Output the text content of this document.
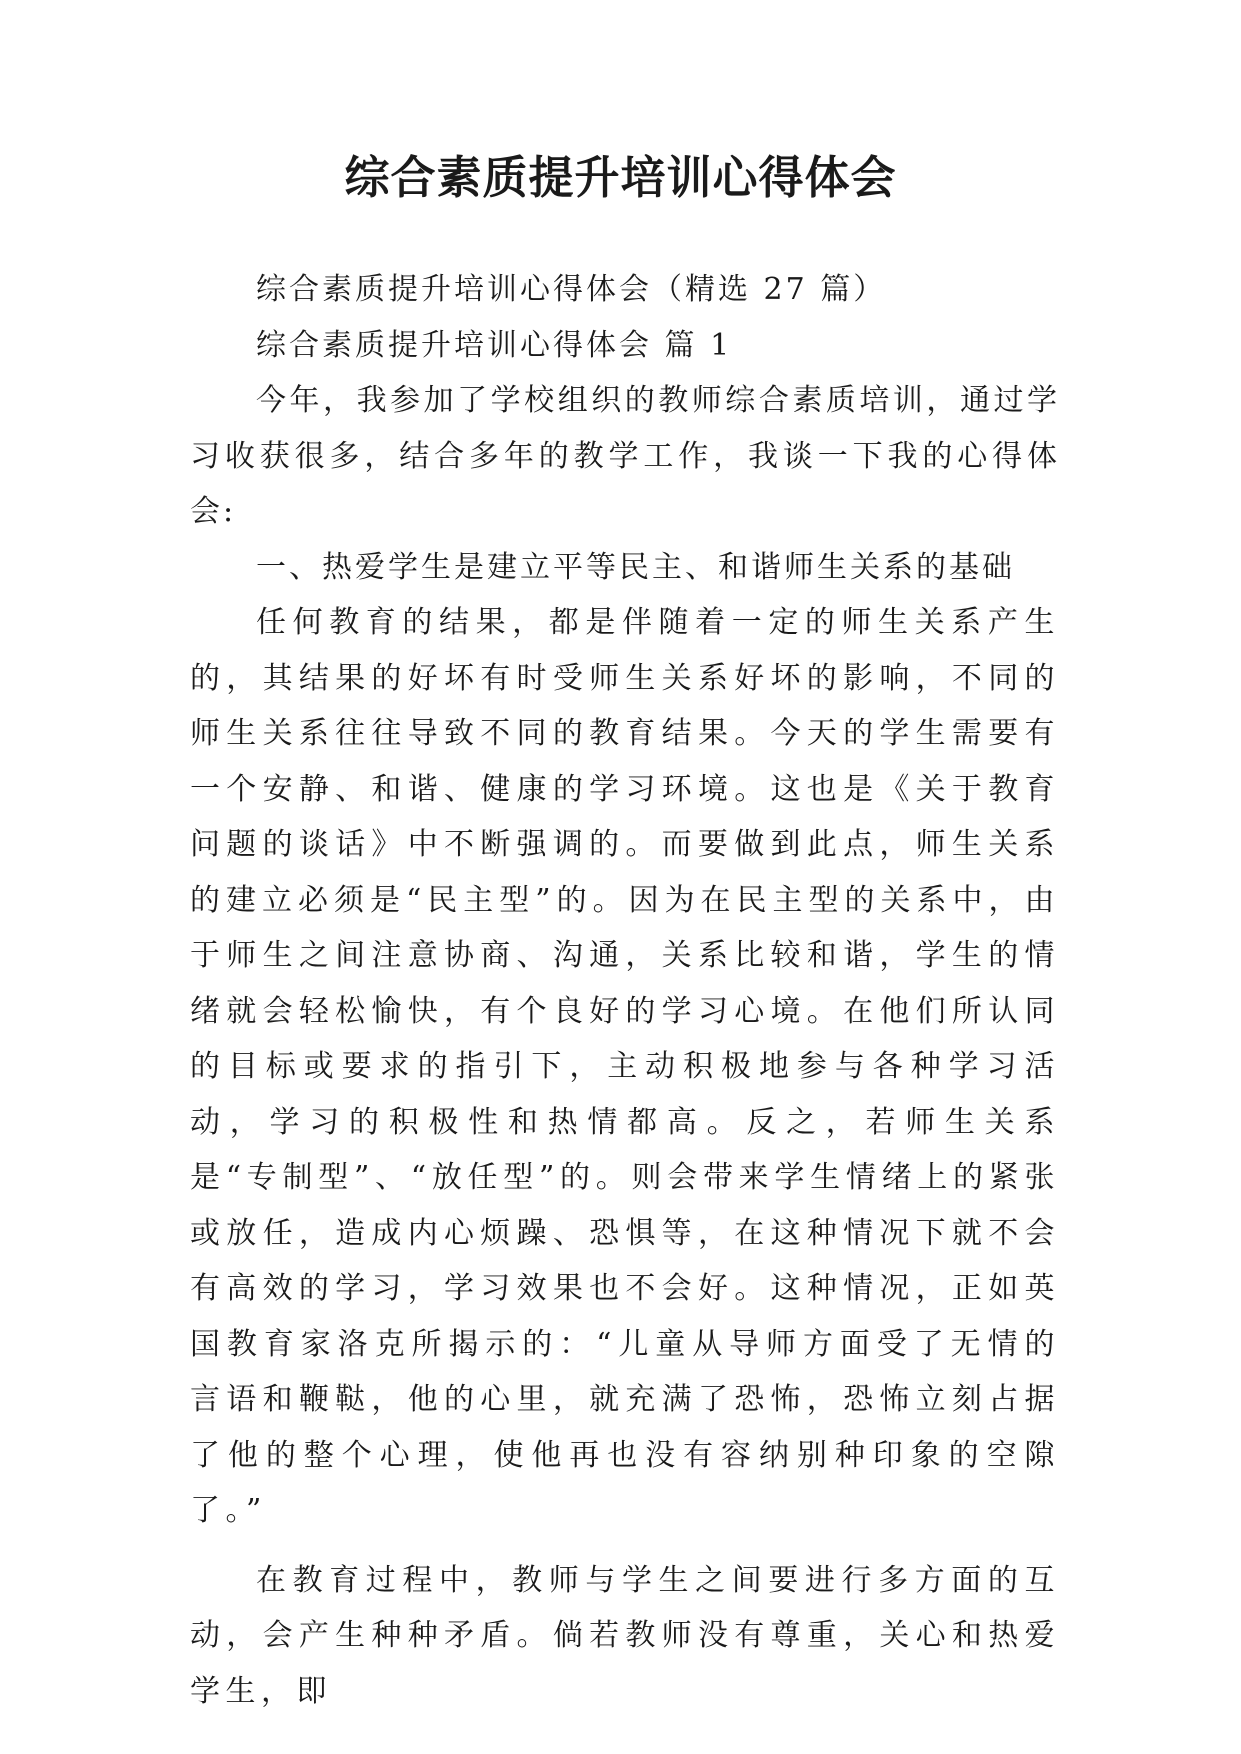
综合素质提升培训心得体会

综合素质提升培训心得体会（精选 27 篇）

综合素质提升培训心得体会 篇 1

今年，我参加了学校组织的教师综合素质培训，通过学习收获很多，结合多年的教学工作，我谈一下我的心得体会:

一、热爱学生是建立平等民主、和谐师生关系的基础

任何教育的结果，都是伴随着一定的师生关系产生的，其结果的好坏有时受师生关系好坏的影响，不同的师生关系往往导致不同的教育结果。今天的学生需要有一个安静、和谐、健康的学习环境。这也是《关于教育问题的谈话》中不断强调的。而要做到此点，师生关系的建立必须是“民主型”的。因为在民主型的关系中，由于师生之间注意协商、沟通，关系比较和谐，学生的情绪就会轻松愉快，有个良好的学习心境。在他们所认同的目标或要求的指引下，主动积极地参与各种学习活动，学习的积极性和热情都高。反之，若师生关系是“专制型”、“放任型”的。则会带来学生情绪上的紧张或放任，造成内心烦躁、恐惧等，在这种情况下就不会有高效的学习，学习效果也不会好。这种情况，正如英国教育家洛克所揭示的：“儿童从导师方面受了无情的言语和鞭鞑，他的心里，就充满了恐怖，恐怖立刻占据了他的整个心理，使他再也没有容纳别种印象的空隙了。”

在教育过程中，教师与学生之间要进行多方面的互动，会产生种种矛盾。倘若教师没有尊重，关心和热爱学生，即
